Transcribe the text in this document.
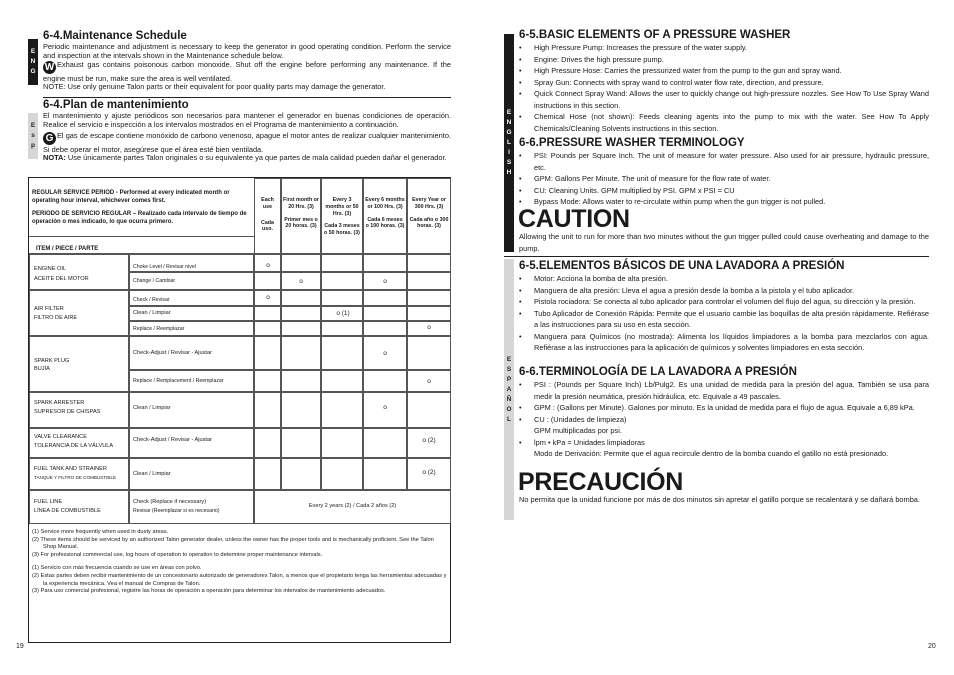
E
N
G
6-4.Maintenance Schedule
Periodic maintenance and adjustment is necessary to keep the generator in good operating condition. Perform the service and inspection at the intervals shown in the Maintenance schedule below.
W Exhaust gas contains poisonous carbon monoxide. Shut off the engine before performing any maintenance. If the engine must be run, make sure the area is well ventilated.
NOTE: Use only genuine Talon parts or their equivalent for poor quality parts may damage the generator.
E
s
p
6-4.Plan de mantenimiento
El mantenimiento y ajuste periódicos son necesarios para mantener el generador en buenas condiciones de operación. Realice el servicio e inspección a los intervalos mostrados en el Programa de mantenimiento a continuación.
G El gas de escape contiene monóxido de carbono venenoso, apague el motor antes de realizar cualquier mantenimiento. Si debe operar el motor, asegúrese que el área esté bien ventilada.
NOTA: Use únicamente partes Talon originales o su equivalente ya que partes de mala calidad pueden dañar el generador.
REGULAR SERVICE PERIOD - Performed at every indicated month or operating hour interval, whichever comes first.
PERIODO DE SERVICIO REGULAR – Realizado cada intervalo de tiempo de operación o mes indicado, lo que ocurra primero.
ITEM / PIECE / PARTE
Each use
Cada uso.
First month or 20 Hrs. (3)
Primer mes o 20 horas. (3)
Every 3 months or 50 Hrs. (3)
Cada 3 meses o 50 horas. (3)
Every 6 months or 100 Hrs. (3)
Cada 6 meses o 100 horas. (3)
Every Year or 300 Hrs. (3)
Cada año o 300 horas. (3)
ENGINE OIL
ACEITE DEL MOTOR
Choke Level / Revisar nivel
Change / Cambiar
AIR FILTER
FILTRO DE AIRE
Check / Revisar
Clean / Limpiar
Replace / Reemplazar
SPARK PLUG
BUJÍA
Check-Adjust / Revisar - Ajustar
Replace / Remplacement / Reemplazar
SPARK ARRESTER
SUPRESOR DE CHISPAS
Clean / Limpiar
VALVE CLEARANCE
TOLERANCIA DE LA VÁLVULA
Check-Adjust / Revisar - Ajustar
FUEL TANK AND STRAINER
TANQUE Y FILTRO DE COMBUSTIBLE
Clean / Limpiar
FUEL LINE
LÍNEA DE COMBUSTIBLE
Check (Replace if necessary)
Revisar (Reemplazar si es necesario)
Every 2 years (2) / Cada 2 años (2)
o
o	o
o
o (1)
o
o
o
o
o (2)
o (2)
(1) Service more frequently when used in dusty areas.
(2) These items should be serviced by an authorized Talon generator dealer, unless the owner has the proper tools and is mechanically proficient. See the Talon Shop Manual.
(3) For professional commercial use, log hours of operation to operation to determine proper maintenance intervals.
(1) Servicio con más frecuencia cuando se use en áreas con polvo.
(2) Estas partes deben recibir mantenimiento de un concesionario autorizado de generadores Talon, a menos que el propietario tenga las herramientas adecuadas y la experiencia mecánica. Vea el manual de Compras de Talon.
(3) Para uso comercial profesional, registre las horas de operación a operación para determinar los intervalos de mantenimiento adecuados.
19
E
N
G
L
I
S
H
6-5.BASIC ELEMENTS OF A PRESSURE WASHER
• High Pressure Pump: Increases the pressure of the water supply.
• Engine: Drives the high pressure pump.
• High Pressure Hose: Carries the pressurized water from the pump to the gun and spray wand.
• Spray Gun: Connects with spray wand to control water flow rate, direction, and pressure.
• Quick Connect Spray Wand: Allows the user to quickly change out high-pressure nozzles. See How To Use Spray Wand instructions in this section.
• Chemical Hose (not shown): Feeds cleaning agents into the pump to mix with the water. See How To Apply Chemicals/Cleaning Solvents instructions in this section.
6-6.PRESSURE WASHER TERMINOLOGY
• PSI: Pounds per Square Inch. The unit of measure for water pressure. Also used for air pressure, hydraulic pressure, etc.
• GPM: Gallons Per Minute. The unit of measure for the flow rate of water.
• CU: Cleaning Units. GPM multiplied by PSI. GPM x PSI = CU
• Bypass Mode: Allows water to re-circulate within pump when the gun trigger is not pulled.
CAUTION
Allowing the unit to run for more than two minutes without the gun trigger pulled could cause overheating and damage to the pump.
E
S
P
A
Ñ
O
L
6-5.ELEMENTOS BÁSICOS DE UNA LAVADORA A PRESIÓN
• Motor: Acciona la bomba de alta presión.
• Manguera de alta presión: Lleva el agua a presión desde la bomba a la pistola y el tubo aplicador.
• Pistola rociadora: Se conecta al tubo aplicador para controlar el volumen del flujo del agua, su dirección y la presión.
• Tubo Aplicador de Conexión Rápida: Permite que el usuario cambie las boquillas de alta presión rápidamente. Refiérase a las instrucciones para su uso en esta sección.
• Manguera para Químicos (no mostrada): Alimenta los líquidos limpiadores a la bomba para mezclarlos con agua. Refiérase a las instrucciones para la aplicación de químicos y solventes limpiadores en esta sección.
6-6.TERMINOLOGÍA DE LA LAVADORA A PRESIÓN
• PSI : (Pounds per Square Inch) Lb/Pulg2. Es una unidad de medida para la presión del agua. También se usa para medir la presión neumática, presión hidráulica, etc. Equivale a 49 pascales.
• GPM : (Gallons per Minute). Galones por minuto. Es la unidad de medida para el flujo de agua. Equivale a 6,89 kPa.
• CU : (Unidades de limpieza)
GPM multiplicadas por psi.
• lpm • kPa = Unidades limpiadoras
Modo de Derivación: Permite que el agua recircule dentro de la bomba cuando el gatillo no está presionado.
PRECAUCIÓN
No permita que la unidad funcione por más de dos minutos sin apretar el gatillo porque se recalentará y se dañará bomba.
20
